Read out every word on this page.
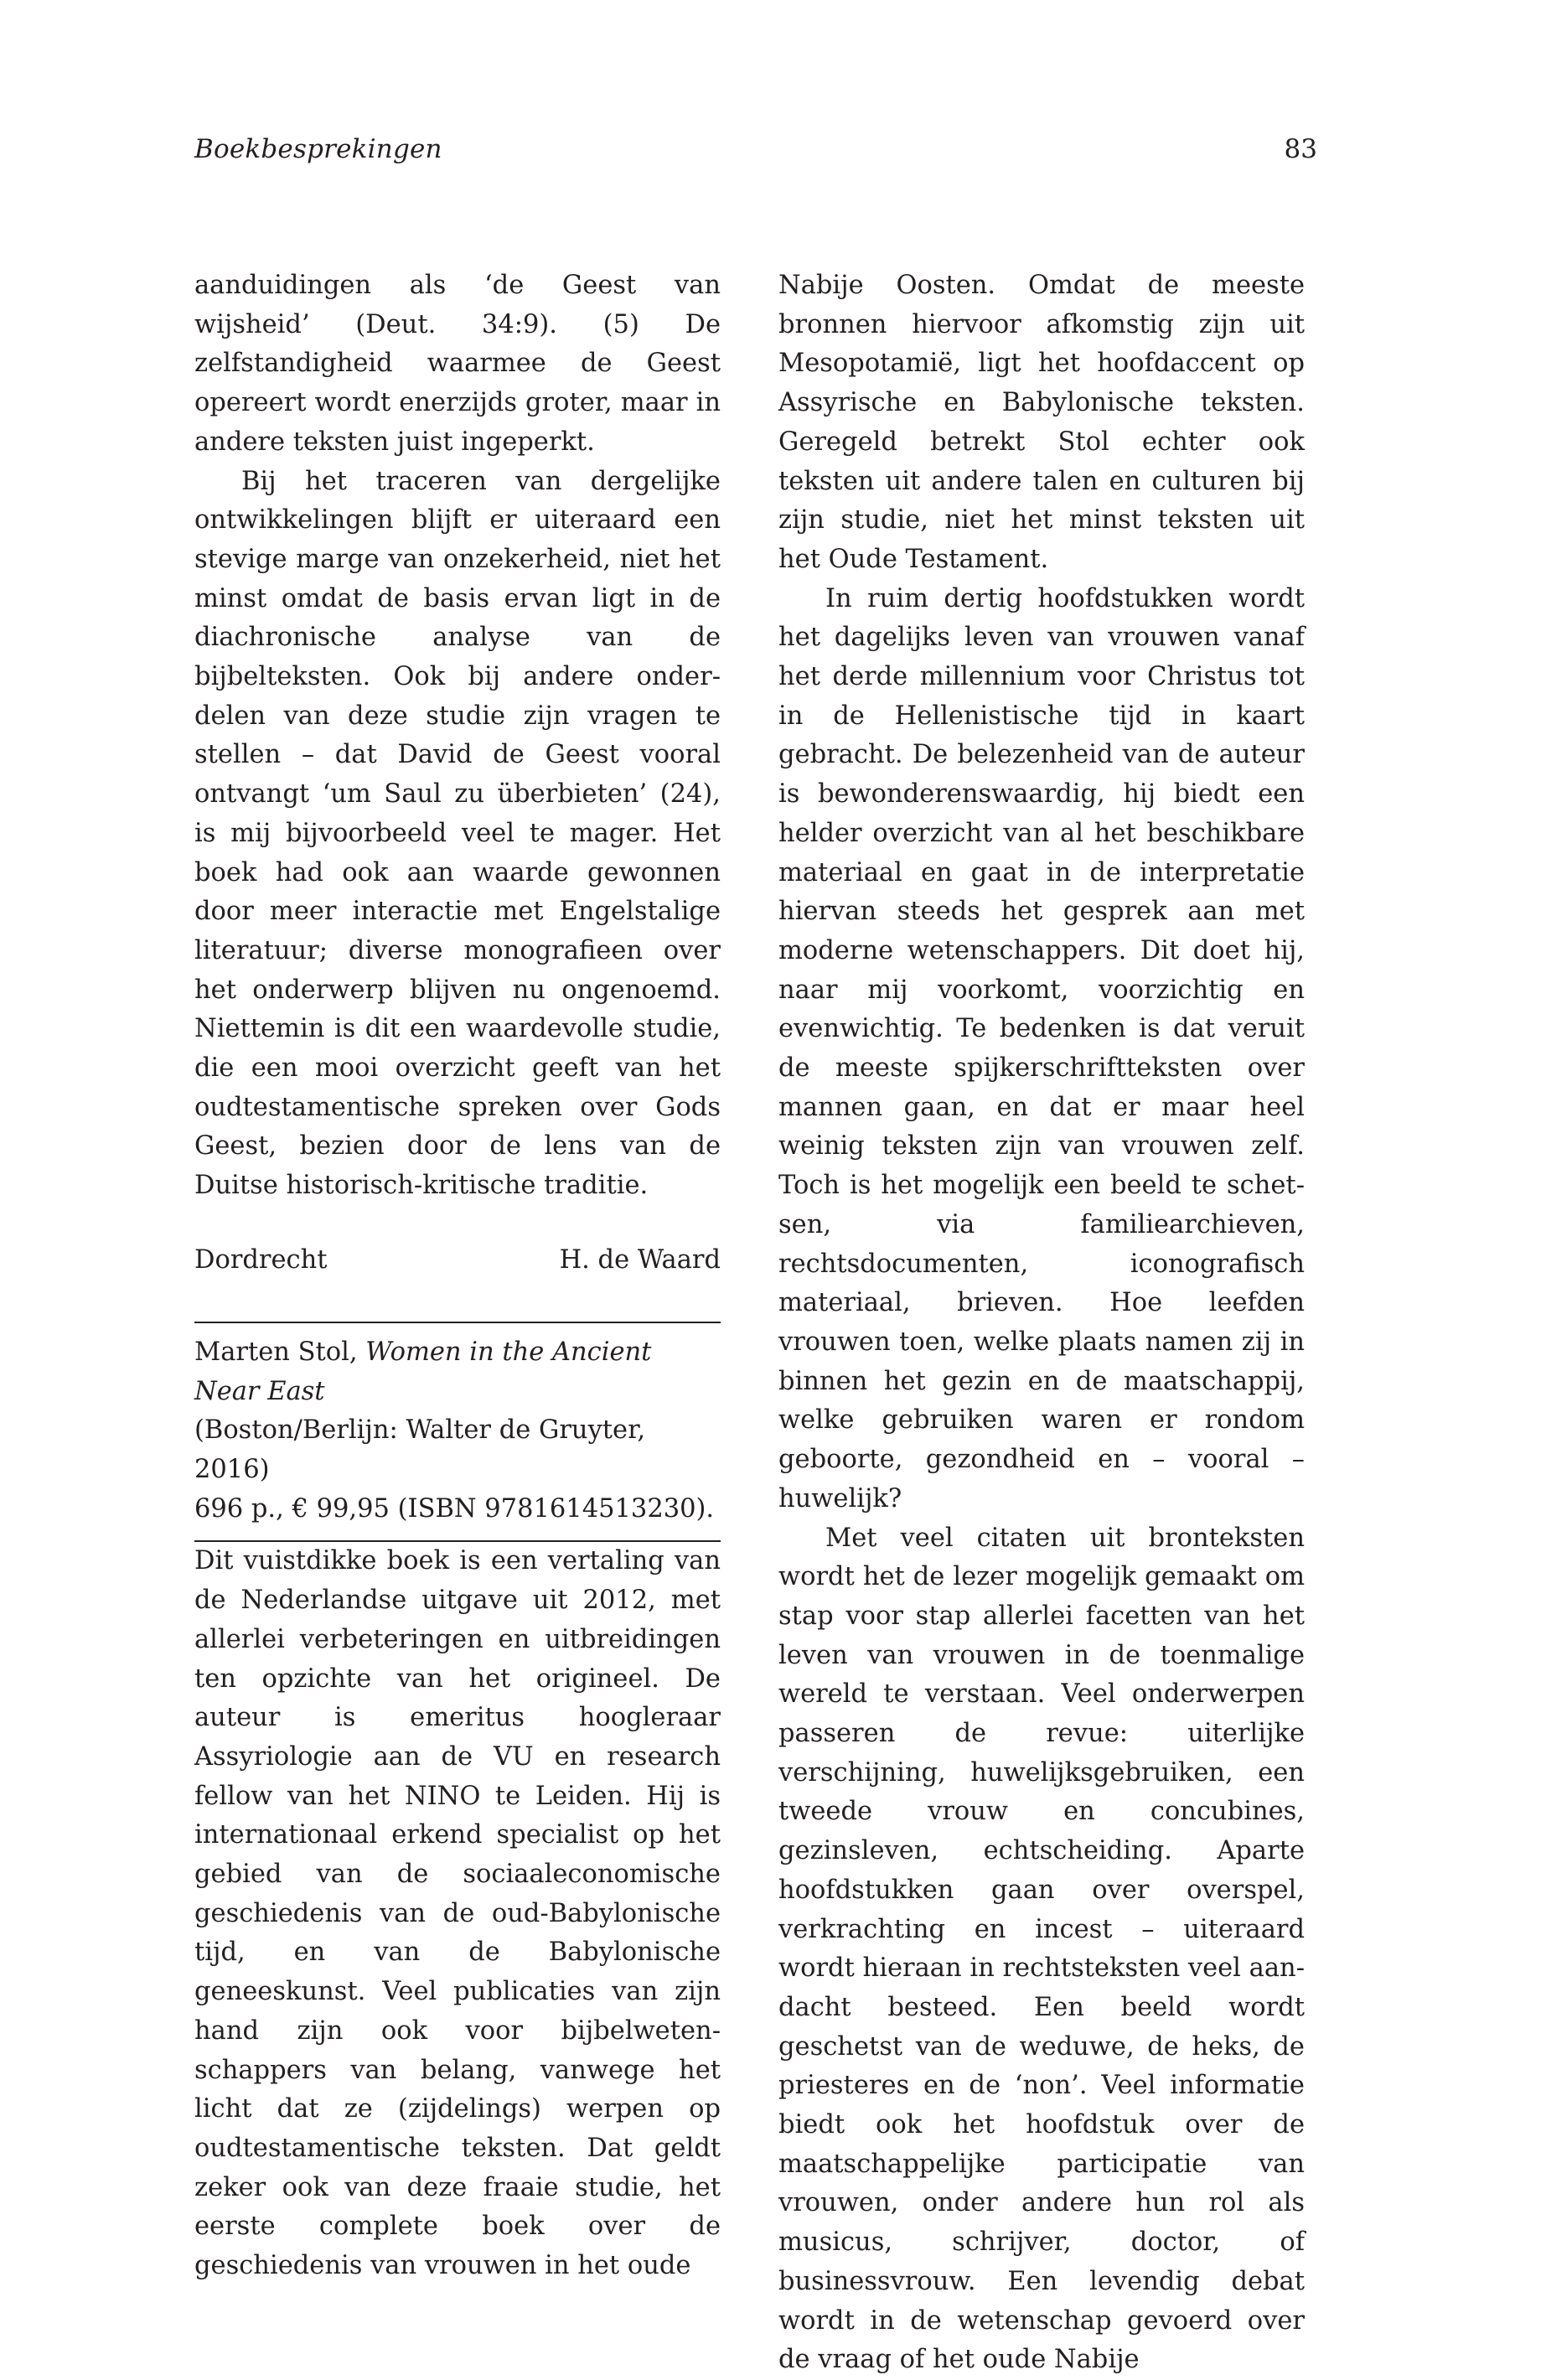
Boekbesprekingen	83

aanduidingen als ‘de Geest van wijsheid’ (Deut. 34:9). (5) De zelfstandigheid waarmee de Geest opereert wordt enerzijds groter, maar in andere teksten juist ingeperkt.

Bij het traceren van dergelijke ontwikkelingen blijft er uiteraard een stevige marge van onzekerheid, niet het minst omdat de basis ervan ligt in de diachronische analyse van de bijbelteksten. Ook bij andere onderdelen van deze studie zijn vragen te stellen – dat David de Geest vooral ontvangt ‘um Saul zu überbieten’ (24), is mij bijvoorbeeld veel te mager. Het boek had ook aan waarde gewonnen door meer interactie met Engelstalige literatuur; diverse monografieen over het onderwerp blijven nu ongenoemd. Niettemin is dit een waardevolle studie, die een mooi overzicht geeft van het oudtestamentische spreken over Gods Geest, bezien door de lens van de Duitse historisch-kritische traditie.

Dordrecht	H. de Waard
Marten Stol, Women in the Ancient Near East
(Boston/Berlijn: Walter de Gruyter, 2016)
696 p., € 99,95 (ISBN 9781614513230).

Dit vuistdikke boek is een vertaling van de Nederlandse uitgave uit 2012, met allerlei verbeteringen en uitbreidingen ten opzichte van het origineel. De auteur is emeritus hoogleraar Assyriologie aan de VU en research fellow van het NINO te Leiden. Hij is internationaal erkend specialist op het gebied van de sociaaleconomische geschiedenis van de oud-Babylonische tijd, en van de Babylonische geneeskunst. Veel publicaties van zijn hand zijn ook voor bijbelwetenschappers van belang, vanwege het licht dat ze (zijdelings) werpen op oudtestamentische teksten. Dat geldt zeker ook van deze fraaie studie, het eerste complete boek over de geschiedenis van vrouwen in het oude

Nabije Oosten. Omdat de meeste bronnen hiervoor afkomstig zijn uit Mesopotamië, ligt het hoofdaccent op Assyrische en Babylonische teksten. Geregeld betrekt Stol echter ook teksten uit andere talen en culturen bij zijn studie, niet het minst teksten uit het Oude Testament.

In ruim dertig hoofdstukken wordt het dagelijks leven van vrouwen vanaf het derde millennium voor Christus tot in de Hellenistische tijd in kaart gebracht. De belezenheid van de auteur is bewonderenswaardig, hij biedt een helder overzicht van al het beschikbare materiaal en gaat in de interpretatie hiervan steeds het gesprek aan met moderne wetenschappers. Dit doet hij, naar mij voorkomt, voorzichtig en evenwichtig. Te bedenken is dat veruit de meeste spijkerschriftteksten over mannen gaan, en dat er maar heel weinig teksten zijn van vrouwen zelf. Toch is het mogelijk een beeld te schetsen, via familiearchieven, rechtsdocumenten, iconografisch materiaal, brieven. Hoe leefden vrouwen toen, welke plaats namen zij in binnen het gezin en de maatschappij, welke gebruiken waren er rondom geboorte, gezondheid en – vooral – huwelijk?

Met veel citaten uit bronteksten wordt het de lezer mogelijk gemaakt om stap voor stap allerlei facetten van het leven van vrouwen in de toenmalige wereld te verstaan. Veel onderwerpen passeren de revue: uiterlijke verschijning, huwelijksgebruiken, een tweede vrouw en concubines, gezinsleven, echtscheiding. Aparte hoofdstukken gaan over overspel, verkrachting en incest – uiteraard wordt hieraan in rechtsteksten veel aandacht besteed. Een beeld wordt geschetst van de weduwe, de heks, de priesteres en de ‘non’. Veel informatie biedt ook het hoofdstuk over de maatschappelijke participatie van vrouwen, onder andere hun rol als musicus, schrijver, doctor, of businessvrouw. Een levendig debat wordt in de wetenschap gevoerd over de vraag of het oude Nabije
